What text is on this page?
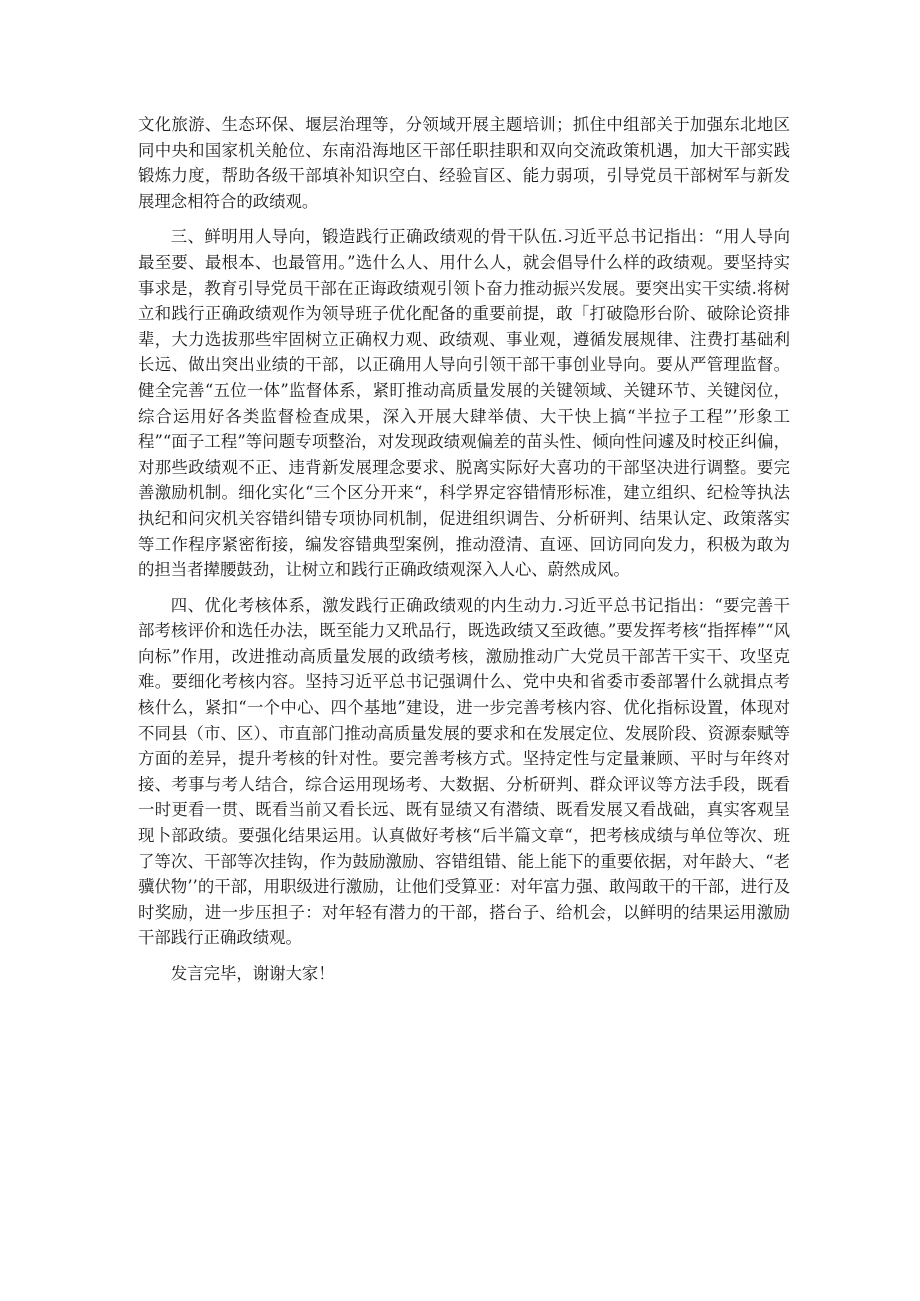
文化旅游、生态环保、堰层治理等，分领域开展主题培训；抓住中组部关于加强东北地区同中央和国家机关舱位、东南沿海地区干部任职挂职和双向交流政策机遇，加大干部实践锻炼力度，帮助各级干部填补知识空白、经验盲区、能力弱项，引导党员干部树军与新发展理念相符合的政绩观。

三、鲜明用人导向，锻造践行正确政绩观的骨干队伍.习近平总书记指出：“用人导向最至要、最根本、也最管用。”选什么人、用什么人，就会倡导什么样的政绩观。要坚持实事求是，教育引导党员干部在正诲政绩观引领卜奋力推动振兴发展。要突出实干实绩.将树立和践行正确政绩观作为领导班子优化配备的重要前提，敢「打破隐形台阶、破除论资排辈，大力选拔那些牢固树立正确权力观、政绩观、事业观，遵循发展规律、注费打基础利长远、做出突出业绩的干部，以正确用人导向引领干部干事创业导向。要从严管理监督。健全完善“五位一体”监督体系，紧盯推动高质量发展的关键领域、关键环节、关键闵位，综合运用好各类监督检查成果，深入开展大肆举债、大干快上搞“半拉子工程”’形象工程”“面子工程”等问题专项整治，对发现政绩观偏差的苗头性、倾向性问遽及时校正纠偏，对那些政绩观不正、违背新发展理念要求、脱离实际好大喜功的干部坚决进行调整。要完善激励机制。细化实化“三个区分开来“，科学界定容错情形标准，建立组织、纪检等执法执纪和问灾机关容错纠错专项协同机制，促进组织调告、分析研判、结果认定、政策落实等工作程序紧密衔接，编发容错典型案例，推动澄清、直诬、回访同向发力，积极为敢为的担当者撵腰鼓劲，让树立和践行正确政绩观深入人心、蔚然成风。

四、优化考核体系，激发践行正确政绩观的内生动力.习近平总书记指出：“要完善干部考核评价和选任办法，既至能力又玳品行，既选政绩又至政德。”要发挥考核“指挥棒”“风向标”作用，改进推动高质量发展的政绩考核，激励推动广大党员干部苦干实干、攻坚克难。要细化考核内容。坚持习近平总书记强调什么、党中央和省委市委部署什么就揖点考核什么，紧扣“一个中心、四个基地”建设，进一步完善考核内容、优化指标设置，体现对不同县（市、区）、市直部门推动高质量发展的要求和在发展定位、发展阶段、资源泰赋等方面的差异，提升考核的针对性。要完善考核方式。坚持定性与定量兼顾、平时与年终对接、考事与考人结合，综合运用现场考、大数据、分析研判、群众评议等方法手段，既看一时更看一贯、既看当前又看长远、既有显绩又有潜绩、既看发展又看战础，真实客观呈现卜部政绩。要强化结果运用。认真做好考核“后半篇文章“，把考核成绩与单位等次、班了等次、干部等次挂钩，作为鼓励激励、容错组错、能上能下的重要依据，对年龄大、“老骥伏物’’的干部，用职级进行激励，让他们受算亚：对年富力强、敢闯敢干的干部，进行及时奖励，进一步压担子：对年轻有潜力的干部，搭台子、给机会，以鲜明的结果运用激励干部践行正确政绩观。

发言完毕，谢谢大家！
